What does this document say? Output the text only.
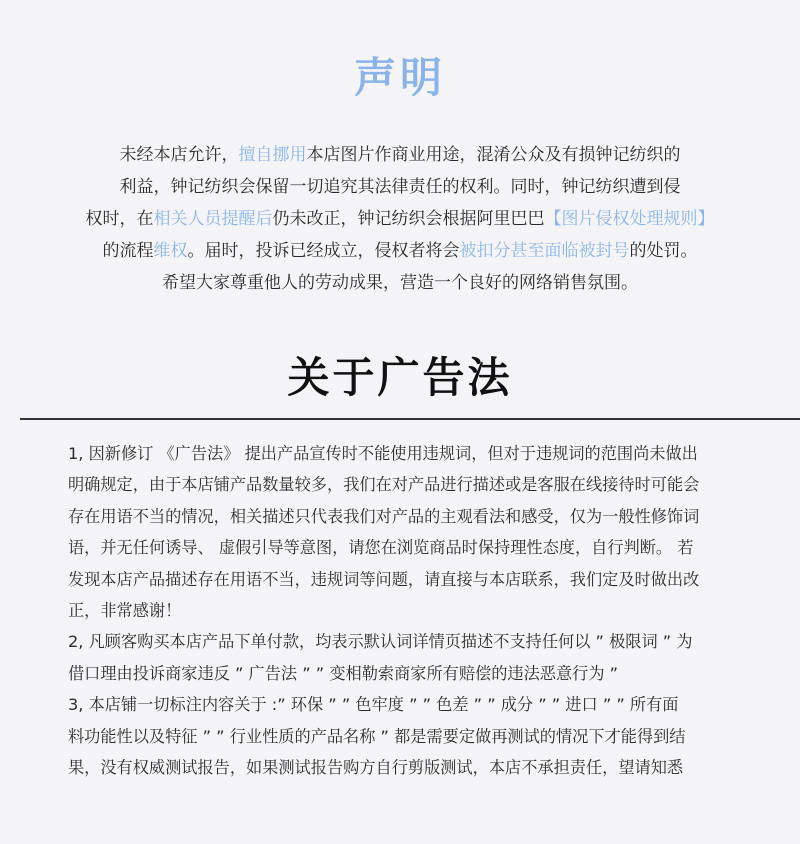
声明
未经本店允许，擅自挪用本店图片作商业用途，混淆公众及有损钟记纺织的
利益，钟记纺织会保留一切追究其法律责任的权利。同时，钟记纺织遭到侵
权时，在相关人员提醒后仍未改正，钟记纺织会根据阿里巴巴【图片侵权处理规则】
的流程维权。届时，投诉已经成立，侵权者将会被扣分甚至面临被封号的处罚。
希望大家尊重他人的劳动成果，营造一个良好的网络销售氛围。
关于广告法
1, 因新修订 《广告法》 提出产品宣传时不能使用违规词，但对于违规词的范围尚未做出
明确规定，由于本店铺产品数量较多，我们在对产品进行描述或是客服在线接待时可能会
存在用语不当的情况，相关描述只代表我们对产品的主观看法和感受，仅为一般性修饰词
语，并无任何诱导、 虚假引导等意图，请您在浏览商品时保持理性态度，自行判断。 若
发现本店产品描述存在用语不当，违规词等问题，请直接与本店联系，我们定及时做出改
正，非常感谢！
2, 凡顾客购买本店产品下单付款，均表示默认词详情页描述不支持任何以 ” 极限词 ” 为
借口理由投诉商家违反 ” 广告法 ” ” 变相勒索商家所有赔偿的违法恶意行为 ”
3, 本店铺一切标注内容关于 :” 环保 ” ” 色牢度 ” ” 色差 ” ” 成分 ” ” 进口 ” ” 所有面
料功能性以及特征 ” ” 行业性质的产品名称 ” 都是需要定做再测试的情况下才能得到结
果，没有权威测试报告，如果测试报告购方自行剪版测试，本店不承担责任，望请知悉
